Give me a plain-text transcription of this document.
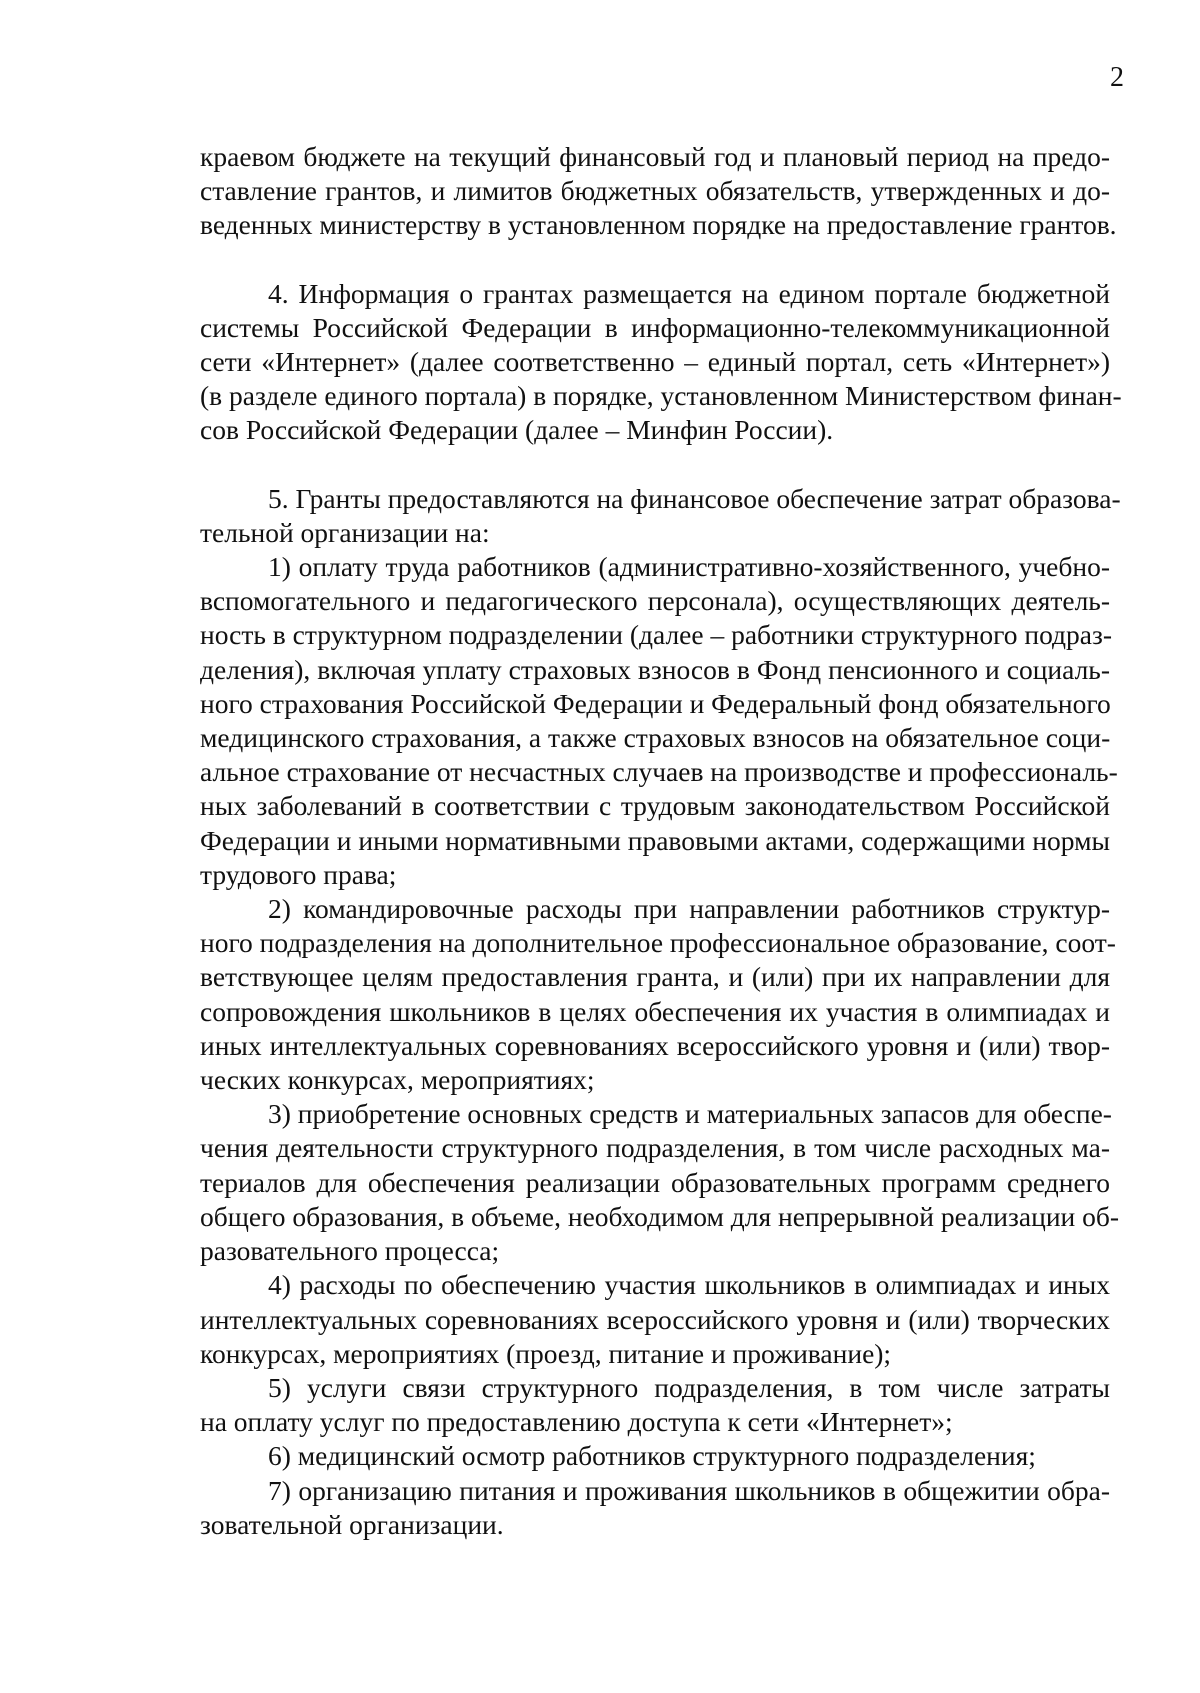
2
краевом бюджете на текущий финансовый год и плановый период на предо-
ставление грантов, и лимитов бюджетных обязательств, утвержденных и до-
веденных министерству в установленном порядке на предоставление грантов.
4. Информация о грантах размещается на едином портале бюджетной
системы Российской Федерации в информационно-телекоммуникационной
сети «Интернет» (далее соответственно – единый портал, сеть «Интернет»)
(в разделе единого портала) в порядке, установленном Министерством финан-
сов Российской Федерации (далее – Минфин России).
5. Гранты предоставляются на финансовое обеспечение затрат образова-
тельной организации на:
1) оплату труда работников (административно-хозяйственного, учебно-
вспомогательного и педагогического персонала), осуществляющих деятель-
ность в структурном подразделении (далее – работники структурного подраз-
деления), включая уплату страховых взносов в Фонд пенсионного и социаль-
ного страхования Российской Федерации и Федеральный фонд обязательного
медицинского страхования, а также страховых взносов на обязательное соци-
альное страхование от несчастных случаев на производстве и профессиональ-
ных заболеваний в соответствии с трудовым законодательством Российской
Федерации и иными нормативными правовыми актами, содержащими нормы
трудового права;
2) командировочные расходы при направлении работников структур-
ного подразделения на дополнительное профессиональное образование, соот-
ветствующее целям предоставления гранта, и (или) при их направлении для
сопровождения школьников в целях обеспечения их участия в олимпиадах и
иных интеллектуальных соревнованиях всероссийского уровня и (или) твор-
ческих конкурсах, мероприятиях;
3) приобретение основных средств и материальных запасов для обеспе-
чения деятельности структурного подразделения, в том числе расходных ма-
териалов для обеспечения реализации образовательных программ среднего
общего образования, в объеме, необходимом для непрерывной реализации об-
разовательного процесса;
4) расходы по обеспечению участия школьников в олимпиадах и иных
интеллектуальных соревнованиях всероссийского уровня и (или) творческих
конкурсах, мероприятиях (проезд, питание и проживание);
5) услуги связи структурного подразделения, в том числе затраты
на оплату услуг по предоставлению доступа к сети «Интернет»;
6) медицинский осмотр работников структурного подразделения;
7) организацию питания и проживания школьников в общежитии обра-
зовательной организации.
